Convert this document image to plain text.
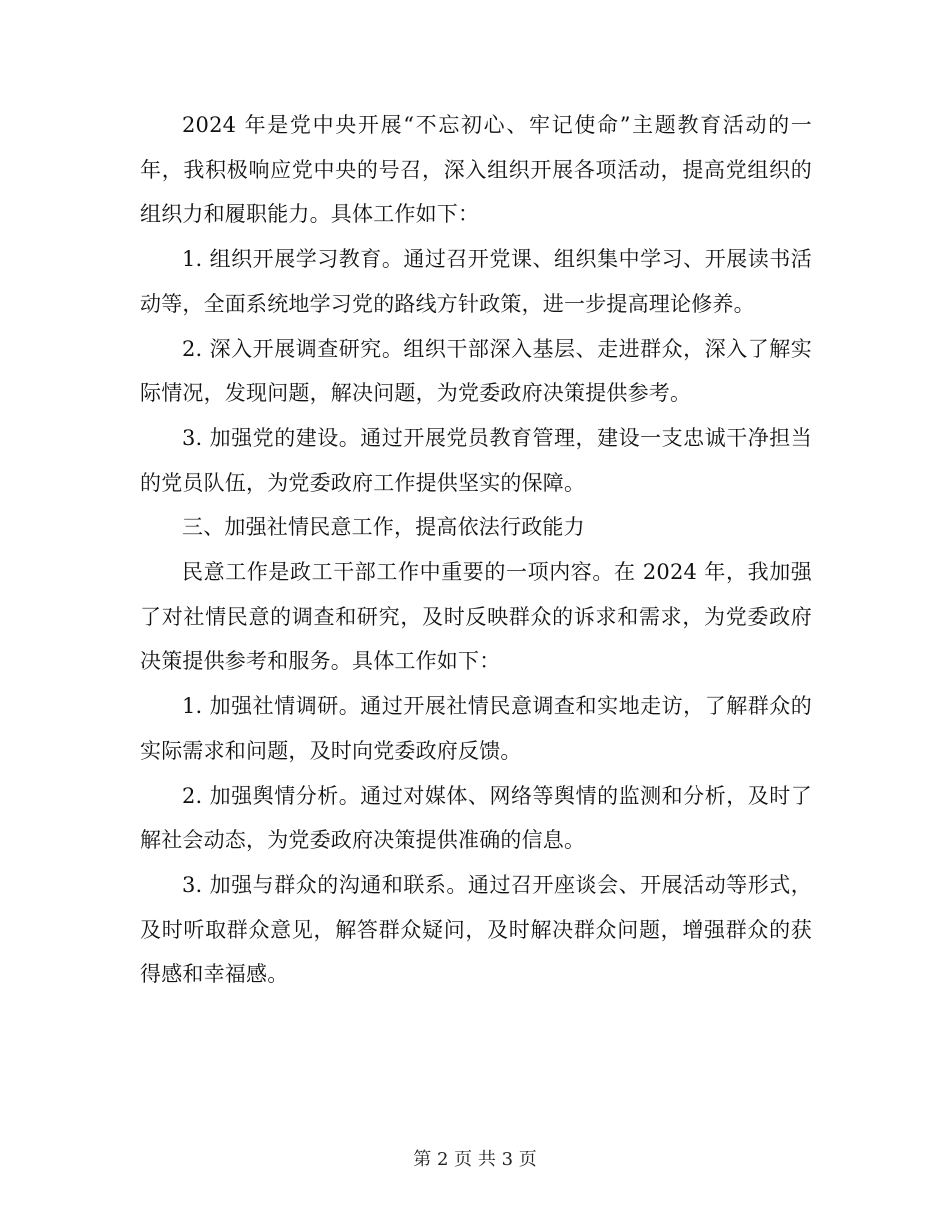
2024 年是党中央开展“不忘初心、牢记使命”主题教育活动的一年，我积极响应党中央的号召，深入组织开展各项活动，提高党组织的组织力和履职能力。具体工作如下：

1. 组织开展学习教育。通过召开党课、组织集中学习、开展读书活动等，全面系统地学习党的路线方针政策，进一步提高理论修养。

2. 深入开展调查研究。组织干部深入基层、走进群众，深入了解实际情况，发现问题，解决问题，为党委政府决策提供参考。

3. 加强党的建设。通过开展党员教育管理，建设一支忠诚干净担当的党员队伍，为党委政府工作提供坚实的保障。

三、加强社情民意工作，提高依法行政能力

民意工作是政工干部工作中重要的一项内容。在 2024 年，我加强了对社情民意的调查和研究，及时反映群众的诉求和需求，为党委政府决策提供参考和服务。具体工作如下：

1. 加强社情调研。通过开展社情民意调查和实地走访，了解群众的实际需求和问题，及时向党委政府反馈。

2. 加强舆情分析。通过对媒体、网络等舆情的监测和分析，及时了解社会动态，为党委政府决策提供准确的信息。

3. 加强与群众的沟通和联系。通过召开座谈会、开展活动等形式，及时听取群众意见，解答群众疑问，及时解决群众问题，增强群众的获得感和幸福感。

第 2 页 共 3 页
